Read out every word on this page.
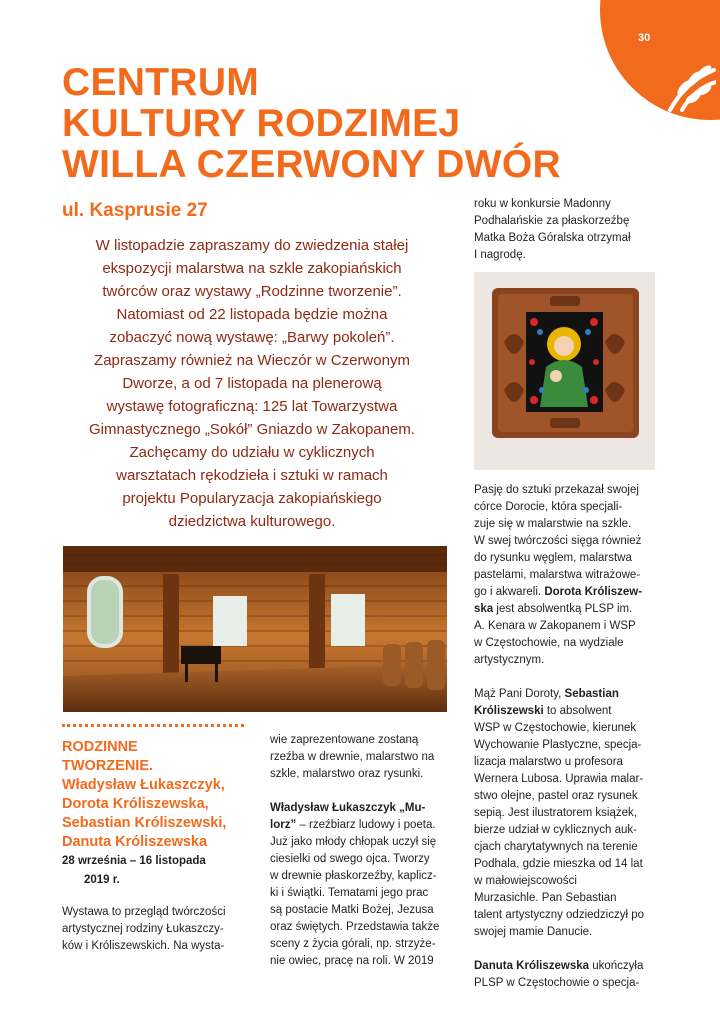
30
CENTRUM
KULTURY RODZIMEJ
WILLA CZERWONY DWÓR
ul. Kasprusie 27
W listopadzie zapraszamy do zwiedzenia stałej
ekspozycji malarstwa na szkle zakopiańskich
twórców oraz wystawy „Rodzinne tworzenie”.
Natomiast od 22 listopada będzie można
zobaczyć nową wystawę: „Barwy pokoleń”.
Zapraszamy również na Wieczór w Czerwonym
Dworze, a od 7 listopada na plenerową
wystawę fotograficzną: 125 lat Towarzystwa
Gimnastycznego „Sokół” Gniazdo w Zakopanem.
Zachęcamy do udziału w cyklicznych
warsztatach rękodzieła i sztuki w ramach
projektu Popularyzacja zakopiańskiego
dziedzictwa kulturowego.
RODZINNE
TWORZENIE.
Władysław Łukaszczyk,
Dorota Króliszewska,
Sebastian Króliszewski,
Danuta Króliszewska
28 września – 16 listopada
2019 r.

Wystawa to przegląd twórczości

artystycznej rodziny Łukaszczy-

ków i Króliszewskich. Na wysta-

wie zaprezentowane zostaną

rzeźba w drewnie, malarstwo na

szkle, malarstwo oraz rysunki.

Władysław Łukaszczyk „Mu-

lorz” – rzeźbiarz ludowy i poeta.

Już jako młody chłopak uczył się

ciesielki od swego ojca. Tworzy

w drewnie płaskorzeźby, kaplicz-

ki i świątki. Tematami jego prac

są postacie Matki Bożej, Jezusa

oraz świętych. Przedstawia także

sceny z życia górali, np. strzyże-

nie owiec, pracę na roli. W 2019

roku w konkursie Madonny

Podhalańskie za płaskorzeźbę

Matka Boża Góralska otrzymał

I nagrodę.

Pasję do sztuki przekazał swojej

córce Dorocie, która specjali-

zuje się w malarstwie na szkle.

W swej twórczości sięga również

do rysunku węglem, malarstwa

pastelami, malarstwa witrażowe-

go i akwareli. Dorota Króliszew-

ska jest absolwentką PLSP im.

A. Kenara w Zakopanem i WSP

w Częstochowie, na wydziale

artystycznym.

Mąż Pani Doroty, Sebastian

Króliszewski to absolwent

WSP w Częstochowie, kierunek

Wychowanie Plastyczne, specja-

lizacja malarstwo u profesora

Wernera Lubosa. Uprawia malar-

stwo olejne, pastel oraz rysunek

sepią. Jest ilustratorem książek,

bierze udział w cyklicznych auk-

cjach charytatywnych na terenie

Podhala, gdzie mieszka od 14 lat

w małowiejscowości

Murzasichle. Pan Sebastian

talent artystyczny odziedziczył po

swojej mamie Danucie.

Danuta Króliszewska ukończyła

PLSP w Częstochowie o specja-
